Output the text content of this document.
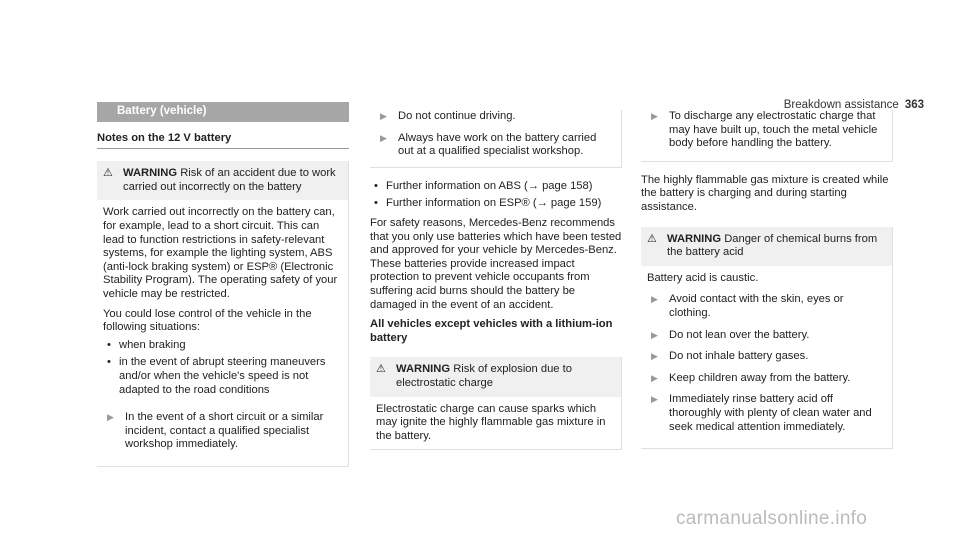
Breakdown assistance 363
Battery (vehicle)
Notes on the 12 V battery
⚠ WARNING Risk of an accident due to work carried out incorrectly on the battery
Work carried out incorrectly on the battery can, for example, lead to a short circuit. This can lead to function restrictions in safety-relevant systems, for example the lighting system, ABS (anti-lock braking system) or ESP® (Electronic Stability Program). The operating safety of your vehicle may be restricted.
You could lose control of the vehicle in the following situations:
• when braking
• in the event of abrupt steering maneuvers and/or when the vehicle's speed is not adapted to the road conditions
▶ In the event of a short circuit or a similar incident, contact a qualified specialist workshop immediately.
▶ Do not continue driving.
▶ Always have work on the battery carried out at a qualified specialist workshop.
• Further information on ABS (→ page 158)
• Further information on ESP® (→ page 159)
For safety reasons, Mercedes-Benz recommends that you only use batteries which have been tested and approved for your vehicle by Mercedes-Benz. These batteries provide increased impact protection to prevent vehicle occupants from suffering acid burns should the battery be damaged in the event of an accident.
All vehicles except vehicles with a lithium-ion battery
⚠ WARNING Risk of explosion due to electrostatic charge
Electrostatic charge can cause sparks which may ignite the highly flammable gas mixture in the battery.
▶ To discharge any electrostatic charge that may have built up, touch the metal vehicle body before handling the battery.
The highly flammable gas mixture is created while the battery is charging and during starting assistance.
⚠ WARNING Danger of chemical burns from the battery acid
Battery acid is caustic.
▶ Avoid contact with the skin, eyes or clothing.
▶ Do not lean over the battery.
▶ Do not inhale battery gases.
▶ Keep children away from the battery.
▶ Immediately rinse battery acid off thoroughly with plenty of clean water and seek medical attention immediately.
carmanualsonline.info
